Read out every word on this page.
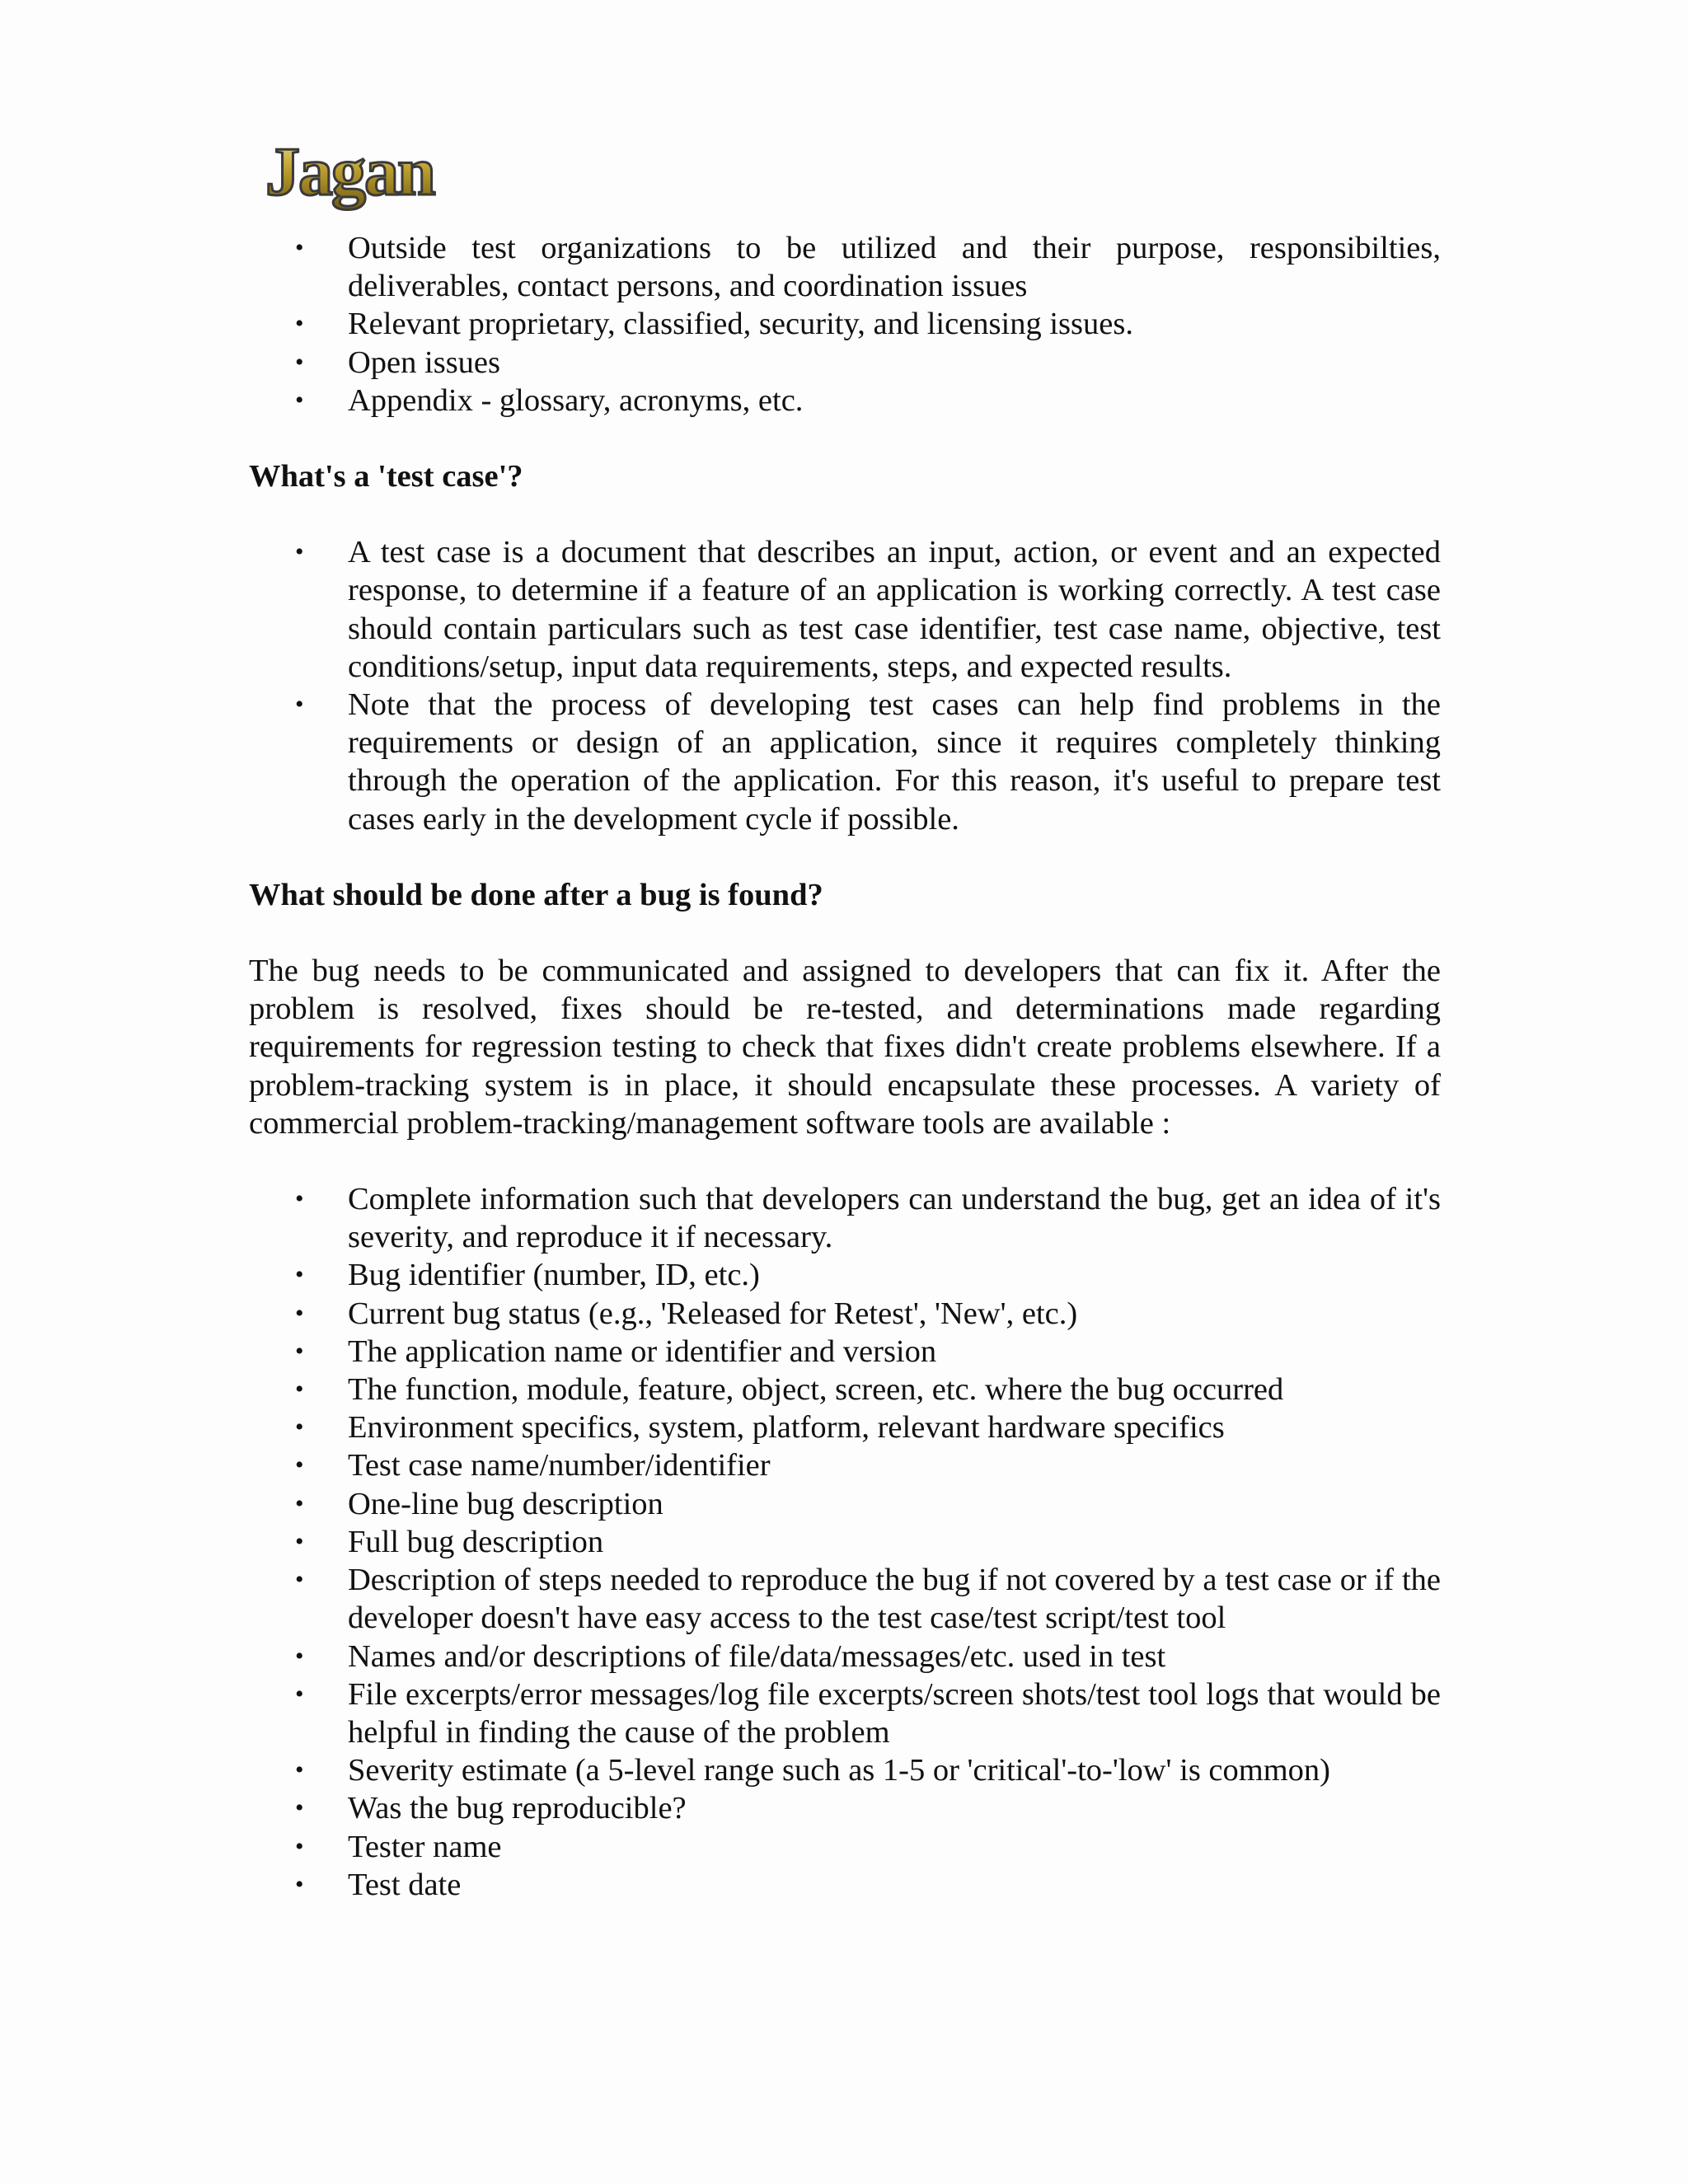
Jagan
• Outside test organizations to be utilized and their purpose, responsibilties, deliverables, contact persons, and coordination issues
• Relevant proprietary, classified, security, and licensing issues.
• Open issues
• Appendix - glossary, acronyms, etc.
What's a 'test case'?
• A test case is a document that describes an input, action, or event and an expected response, to determine if a feature of an application is working correctly. A test case should contain particulars such as test case identifier, test case name, objective, test conditions/setup, input data requirements, steps, and expected results.
• Note that the process of developing test cases can help find problems in the requirements or design of an application, since it requires completely thinking through the operation of the application. For this reason, it's useful to prepare test cases early in the development cycle if possible.
What should be done after a bug is found?

The bug needs to be communicated and assigned to developers that can fix it. After the problem is resolved, fixes should be re-tested, and determinations made regarding requirements for regression testing to check that fixes didn't create problems elsewhere. If a problem-tracking system is in place, it should encapsulate these processes. A variety of commercial problem-tracking/management software tools are available :

• Complete information such that developers can understand the bug, get an idea of it's severity, and reproduce it if necessary.
• Bug identifier (number, ID, etc.)
• Current bug status (e.g., 'Released for Retest', 'New', etc.)
• The application name or identifier and version
• The function, module, feature, object, screen, etc. where the bug occurred
• Environment specifics, system, platform, relevant hardware specifics
• Test case name/number/identifier
• One-line bug description
• Full bug description
• Description of steps needed to reproduce the bug if not covered by a test case or if the developer doesn't have easy access to the test case/test script/test tool
• Names and/or descriptions of file/data/messages/etc. used in test
• File excerpts/error messages/log file excerpts/screen shots/test tool logs that would be helpful in finding the cause of the problem
• Severity estimate (a 5-level range such as 1-5 or 'critical'-to-'low' is common)
• Was the bug reproducible?
• Tester name
• Test date
